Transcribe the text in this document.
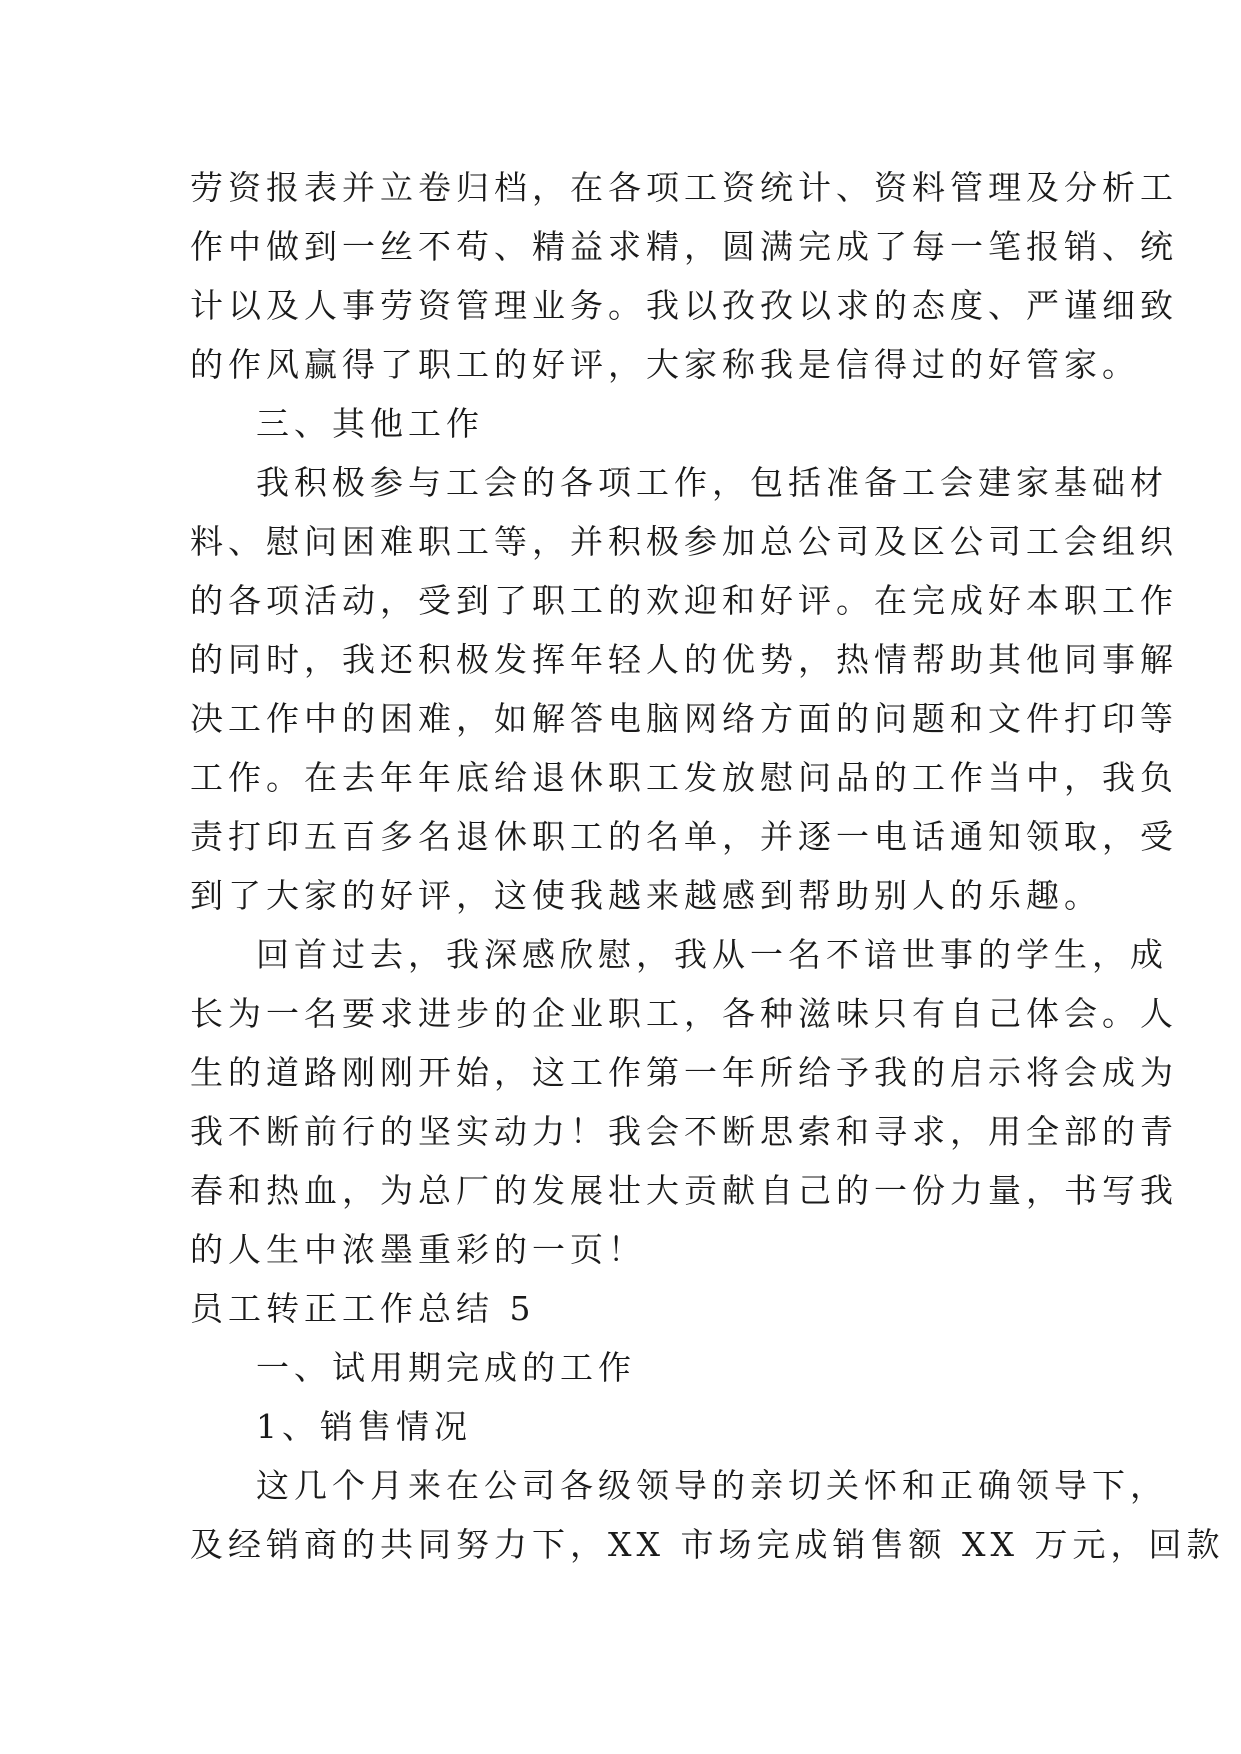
劳资报表并立卷归档，在各项工资统计、资料管理及分析工
作中做到一丝不苟、精益求精，圆满完成了每一笔报销、统
计以及人事劳资管理业务。我以孜孜以求的态度、严谨细致
的作风赢得了职工的好评，大家称我是信得过的好管家。
三、其他工作
我积极参与工会的各项工作，包括准备工会建家基础材
料、慰问困难职工等，并积极参加总公司及区公司工会组织
的各项活动，受到了职工的欢迎和好评。在完成好本职工作
的同时，我还积极发挥年轻人的优势，热情帮助其他同事解
决工作中的困难，如解答电脑网络方面的问题和文件打印等
工作。在去年年底给退休职工发放慰问品的工作当中，我负
责打印五百多名退休职工的名单，并逐一电话通知领取，受
到了大家的好评，这使我越来越感到帮助别人的乐趣。
回首过去，我深感欣慰，我从一名不谙世事的学生，成
长为一名要求进步的企业职工，各种滋味只有自己体会。人
生的道路刚刚开始，这工作第一年所给予我的启示将会成为
我不断前行的坚实动力！我会不断思索和寻求，用全部的青
春和热血，为总厂的发展壮大贡献自己的一份力量，书写我
的人生中浓墨重彩的一页！
员工转正工作总结 5
一、试用期完成的工作
1、销售情况
这几个月来在公司各级领导的亲切关怀和正确领导下，
及经销商的共同努力下，XX 市场完成销售额 XX 万元，回款
